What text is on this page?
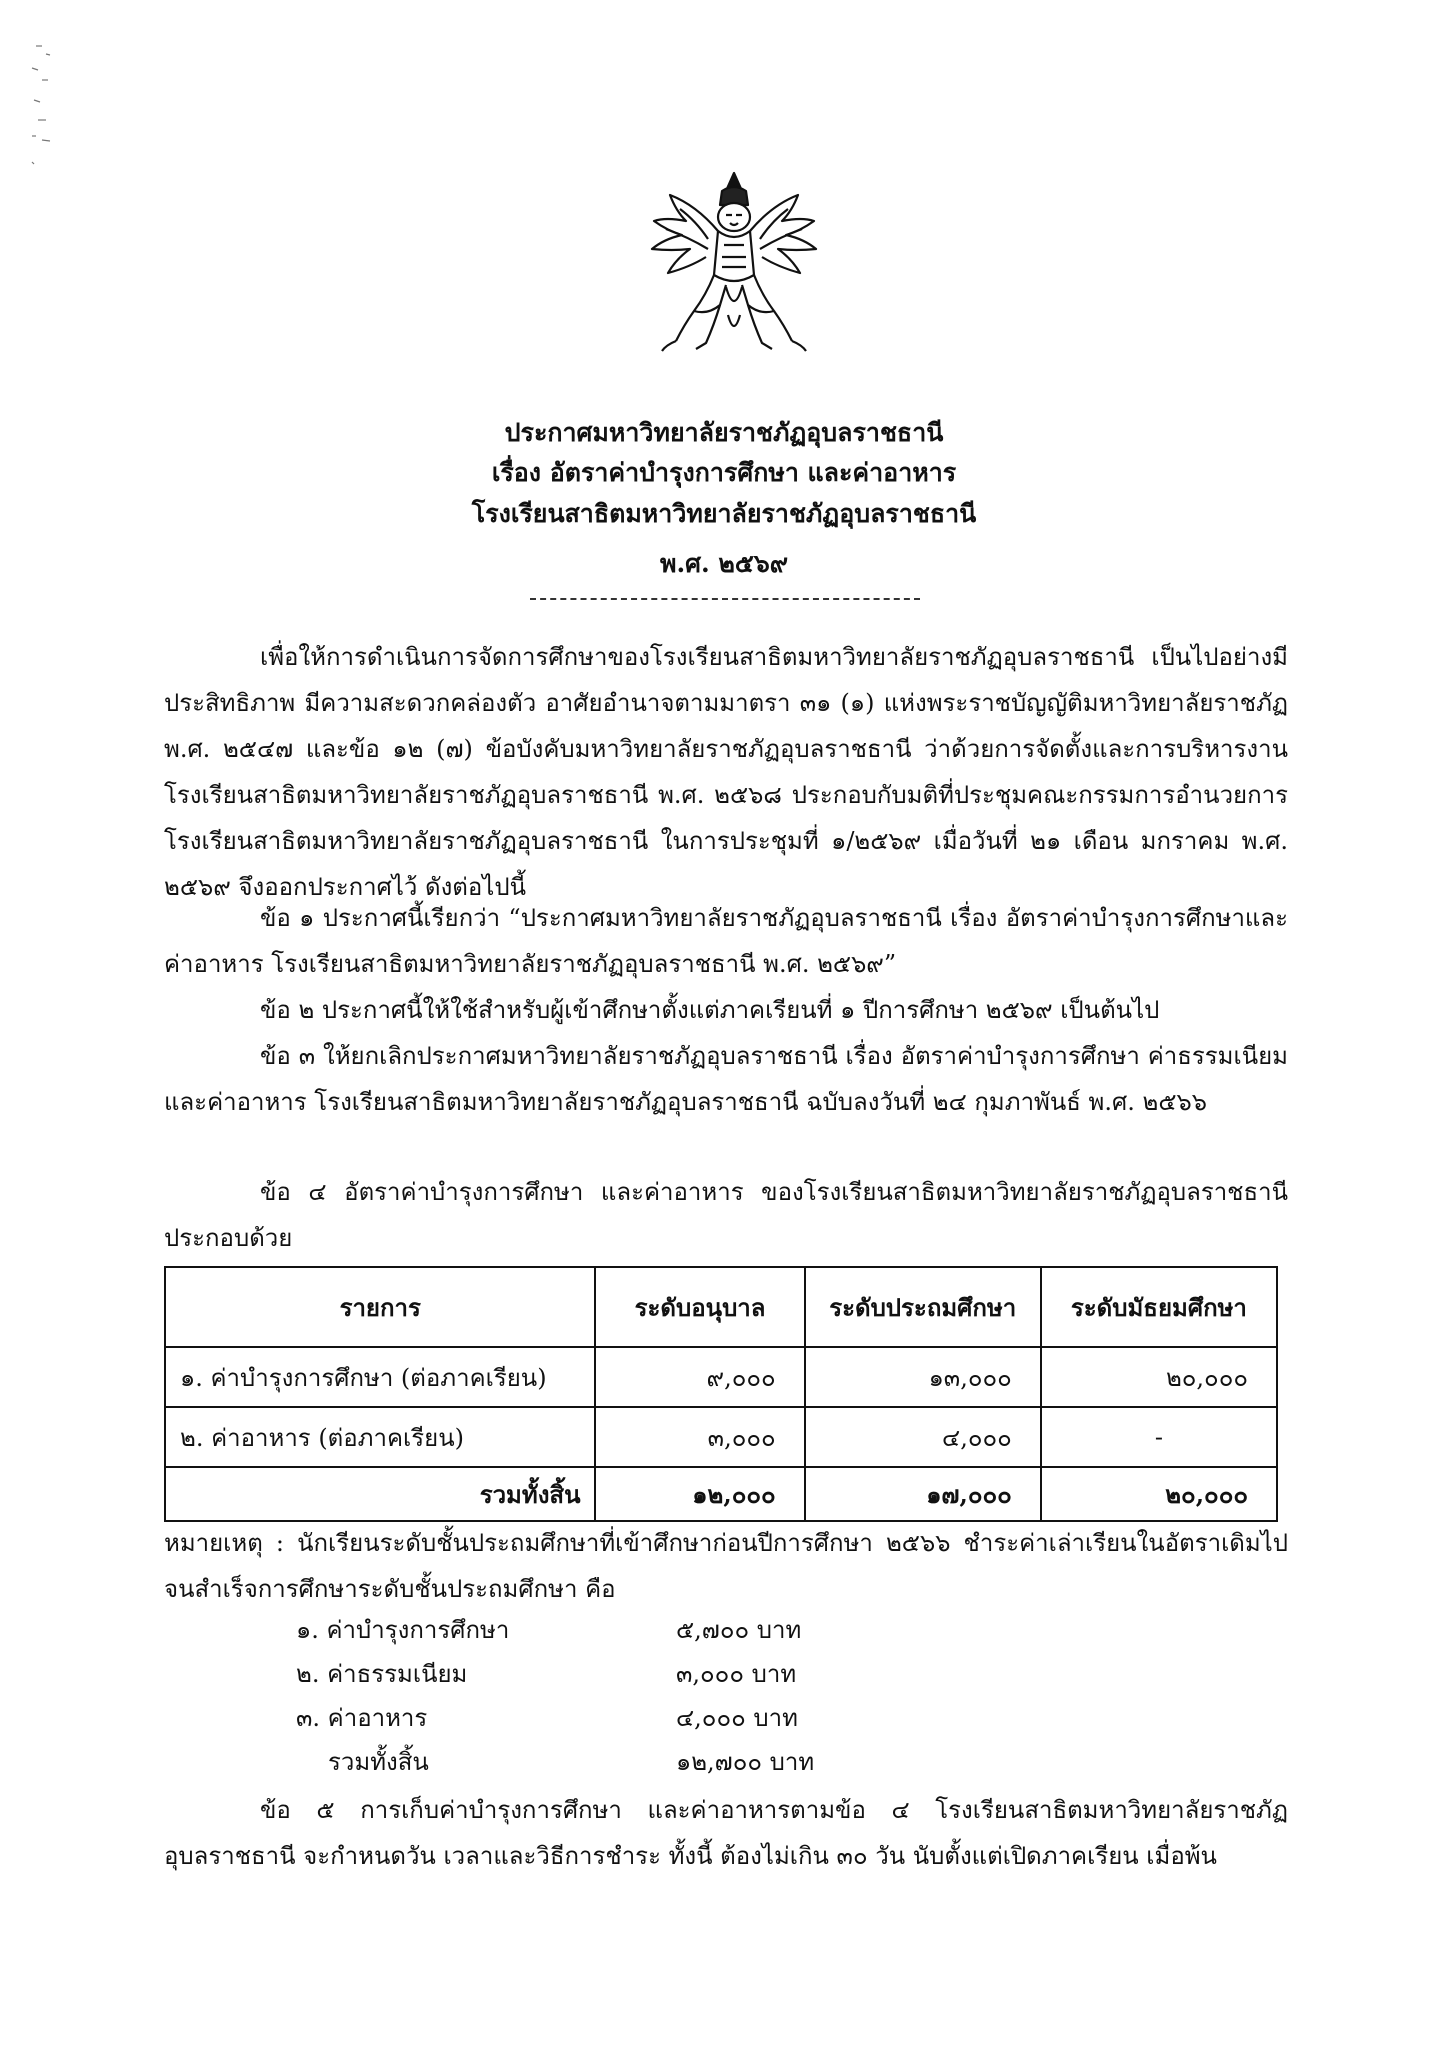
ประกาศมหาวิทยาลัยราชภัฏอุบลราชธานี
เรื่อง อัตราค่าบำรุงการศึกษา และค่าอาหาร
โรงเรียนสาธิตมหาวิทยาลัยราชภัฏอุบลราชธานี
พ.ศ. ๒๕๖๙
เพื่อให้การดำเนินการจัดการศึกษาของโรงเรียนสาธิตมหาวิทยาลัยราชภัฏอุบลราชธานี เป็นไปอย่างมีประสิทธิภาพ มีความสะดวกคล่องตัว อาศัยอำนาจตามมาตรา ๓๑ (๑) แห่งพระราชบัญญัติมหาวิทยาลัยราชภัฏ พ.ศ. ๒๕๔๗ และข้อ ๑๒ (๗) ข้อบังคับมหาวิทยาลัยราชภัฏอุบลราชธานี ว่าด้วยการจัดตั้งและการบริหารงานโรงเรียนสาธิตมหาวิทยาลัยราชภัฏอุบลราชธานี พ.ศ. ๒๕๖๘ ประกอบกับมติที่ประชุมคณะกรรมการอำนวยการโรงเรียนสาธิตมหาวิทยาลัยราชภัฏอุบลราชธานี ในการประชุมที่ ๑/๒๕๖๙ เมื่อวันที่ ๒๑ เดือน มกราคม พ.ศ. ๒๕๖๙ จึงออกประกาศไว้ ดังต่อไปนี้
ข้อ ๑ ประกาศนี้เรียกว่า “ประกาศมหาวิทยาลัยราชภัฏอุบลราชธานี เรื่อง อัตราค่าบำรุงการศึกษาและค่าอาหาร โรงเรียนสาธิตมหาวิทยาลัยราชภัฏอุบลราชธานี พ.ศ. ๒๕๖๙”
ข้อ ๒ ประกาศนี้ให้ใช้สำหรับผู้เข้าศึกษาตั้งแต่ภาคเรียนที่ ๑ ปีการศึกษา ๒๕๖๙ เป็นต้นไป
ข้อ ๓ ให้ยกเลิกประกาศมหาวิทยาลัยราชภัฏอุบลราชธานี เรื่อง อัตราค่าบำรุงการศึกษา ค่าธรรมเนียม และค่าอาหาร โรงเรียนสาธิตมหาวิทยาลัยราชภัฏอุบลราชธานี ฉบับลงวันที่ ๒๔ กุมภาพันธ์ พ.ศ. ๒๕๖๖
ข้อ ๔ อัตราค่าบำรุงการศึกษา และค่าอาหาร ของโรงเรียนสาธิตมหาวิทยาลัยราชภัฏอุบลราชธานี ประกอบด้วย
รายการ	ระดับอนุบาล	ระดับประถมศึกษา	ระดับมัธยมศึกษา
๑. ค่าบำรุงการศึกษา (ต่อภาคเรียน)	๙,๐๐๐	๑๓,๐๐๐	๒๐,๐๐๐
๒. ค่าอาหาร (ต่อภาคเรียน)	๓,๐๐๐	๔,๐๐๐	-
รวมทั้งสิ้น	๑๒,๐๐๐	๑๗,๐๐๐	๒๐,๐๐๐
หมายเหตุ : นักเรียนระดับชั้นประถมศึกษาที่เข้าศึกษาก่อนปีการศึกษา ๒๕๖๖ ชำระค่าเล่าเรียนในอัตราเดิมไปจนสำเร็จการศึกษาระดับชั้นประถมศึกษา คือ
๑. ค่าบำรุงการศึกษา	๕,๗๐๐ บาท
๒. ค่าธรรมเนียม	๓,๐๐๐ บาท
๓. ค่าอาหาร	๔,๐๐๐ บาท
รวมทั้งสิ้น	๑๒,๗๐๐ บาท
ข้อ ๕ การเก็บค่าบำรุงการศึกษา และค่าอาหารตามข้อ ๔ โรงเรียนสาธิตมหาวิทยาลัยราชภัฏอุบลราชธานี จะกำหนดวัน เวลาและวิธีการชำระ ทั้งนี้ ต้องไม่เกิน ๓๐ วัน นับตั้งแต่เปิดภาคเรียน เมื่อพ้น
